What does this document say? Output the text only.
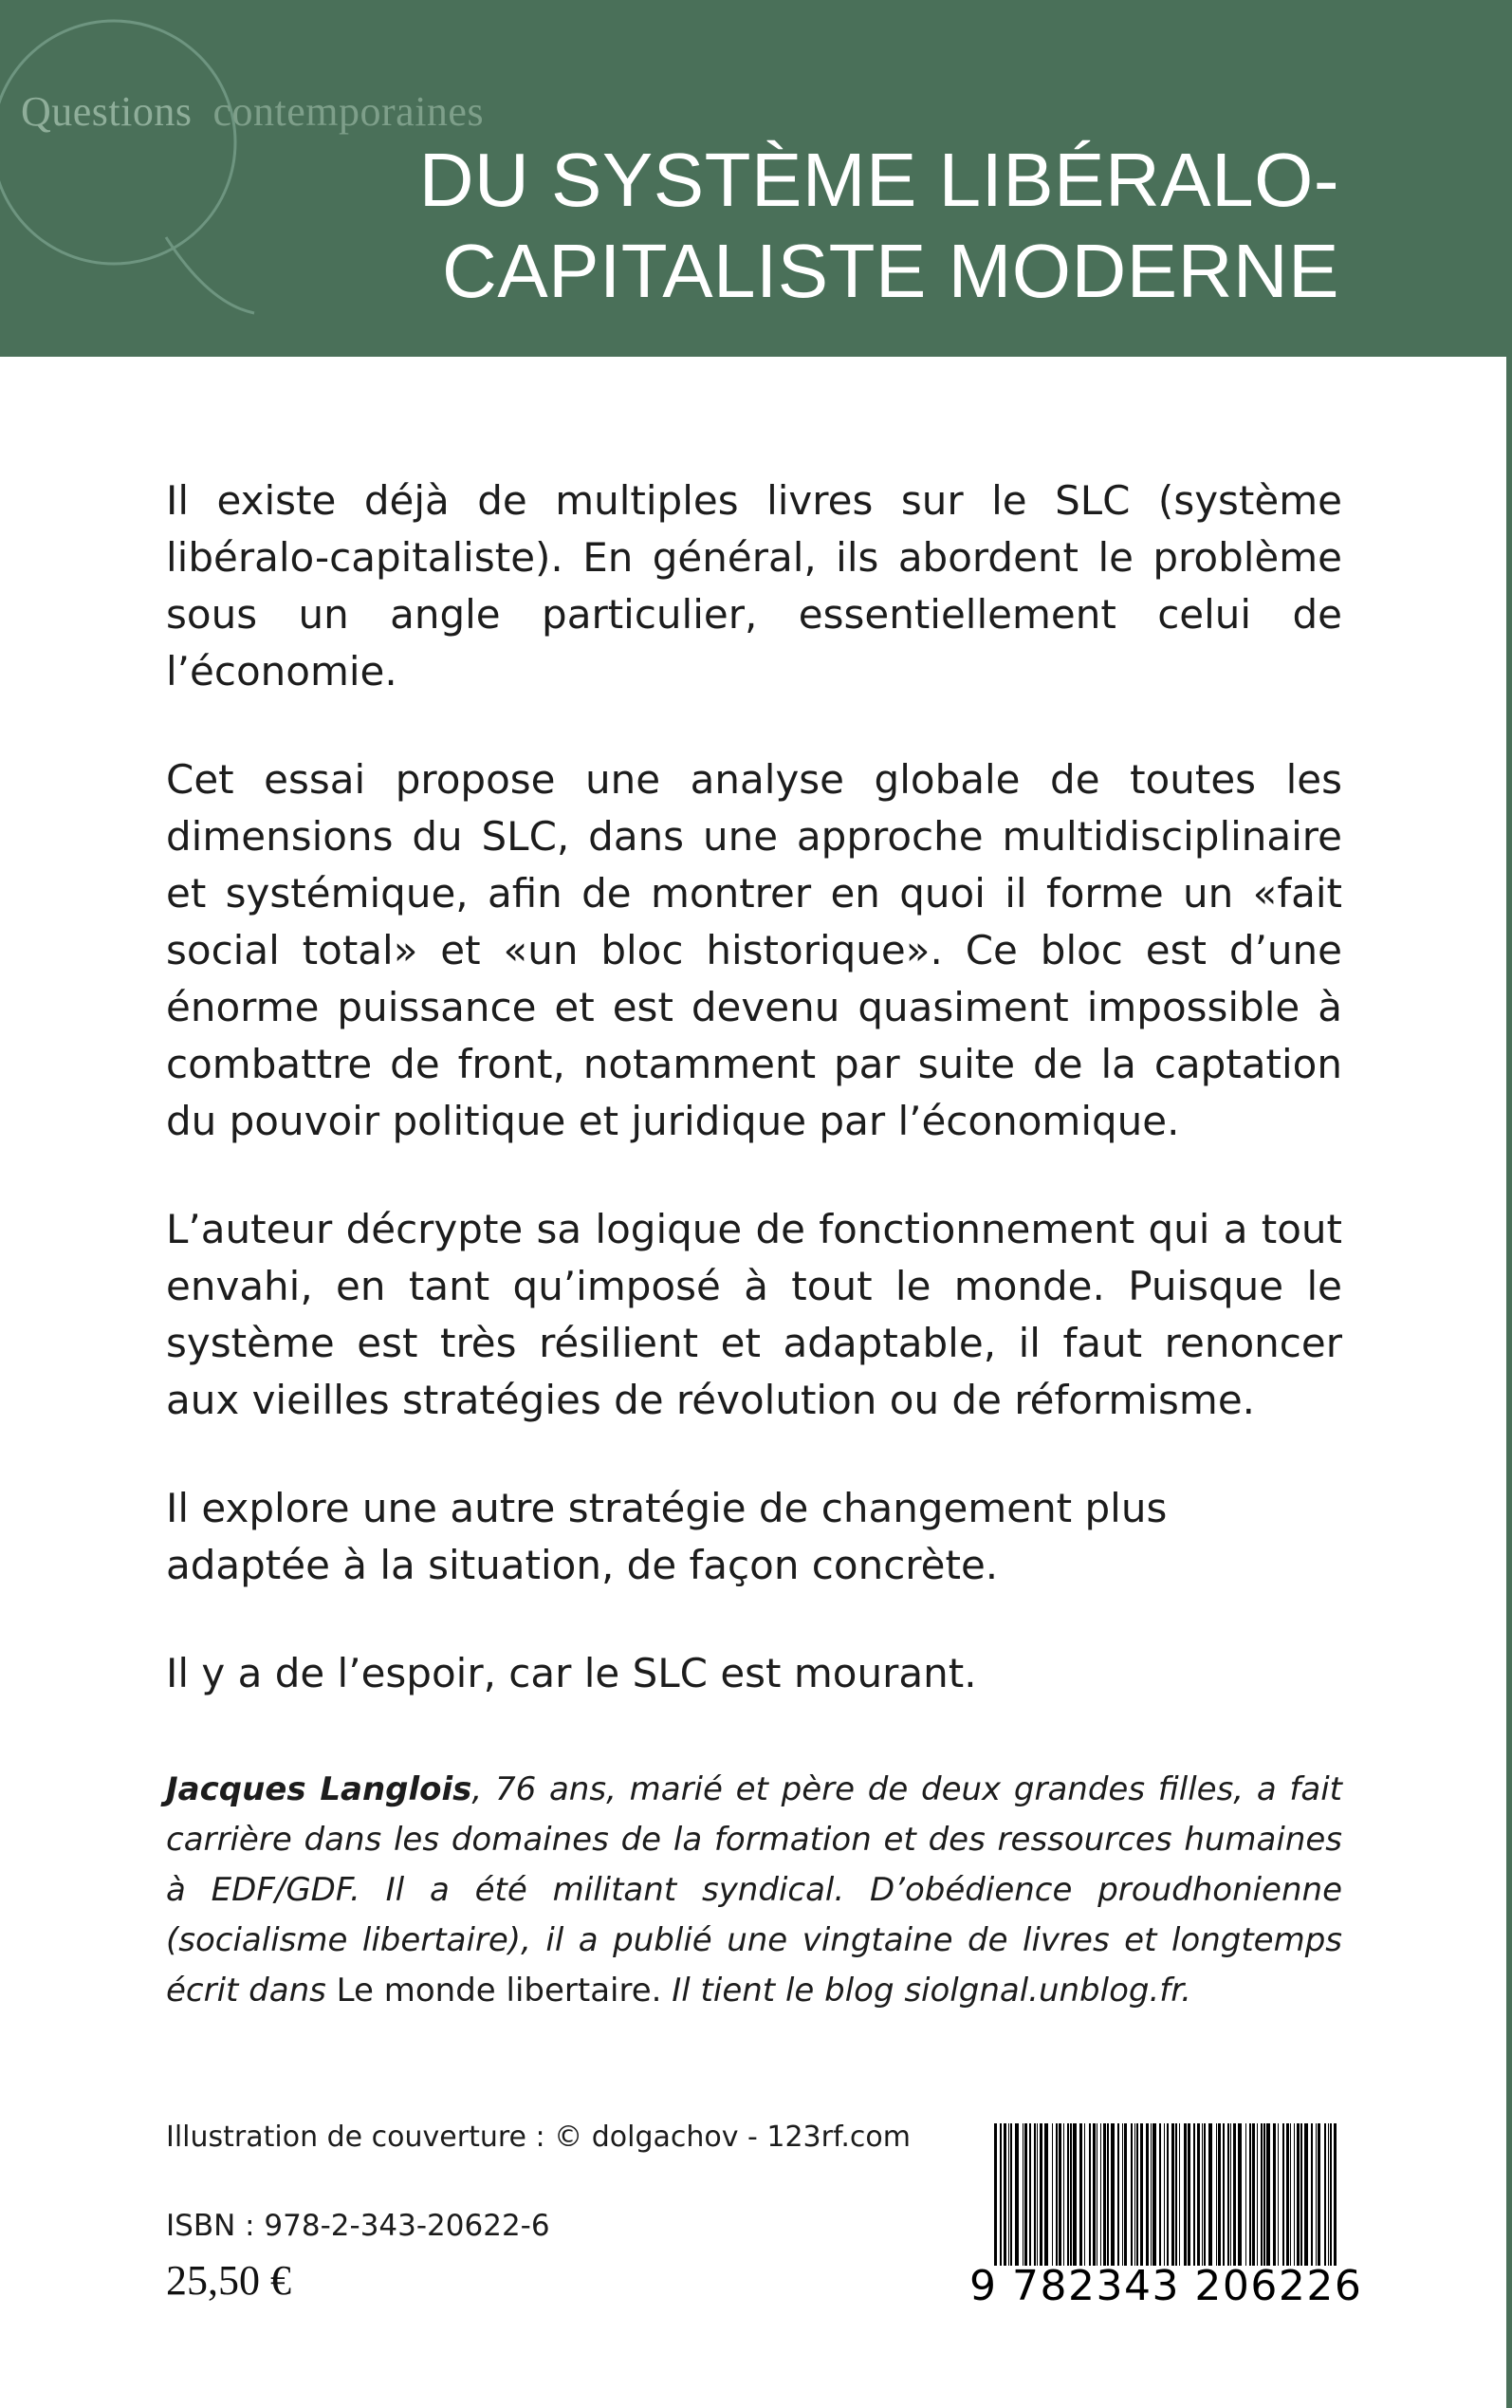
Questions contemporaines
DU SYSTÈME LIBÉRALO-
CAPITALISTE MODERNE

Il existe déjà de multiples livres sur le SLC (système libéralo-capitaliste). En général, ils abordent le problème sous un angle particulier, essentiellement celui de l’économie.

Cet essai propose une analyse globale de toutes les dimensions du SLC, dans une approche multidisciplinaire et systémique, afin de montrer en quoi il forme un «fait social total» et «un bloc historique». Ce bloc est d’une énorme puissance et est devenu quasiment impossible à combattre de front, notamment par suite de la captation du pouvoir politique et juridique par l’économique.

L’auteur décrypte sa logique de fonctionnement qui a tout envahi, en tant qu’imposé à tout le monde. Puisque le système est très résilient et adaptable, il faut renoncer aux vieilles stratégies de révolution ou de réformisme.

Il explore une autre stratégie de changement plus adaptée à la situation, de façon concrète.

Il y a de l’espoir, car le SLC est mourant.

Jacques Langlois, 76 ans, marié et père de deux grandes filles, a fait carrière dans les domaines de la formation et des ressources humaines à EDF/GDF. Il a été militant syndical. D’obédience proudhonienne (socialisme libertaire), il a publié une vingtaine de livres et longtemps écrit dans Le monde libertaire. Il tient le blog siolgnal.unblog.fr.

Illustration de couverture : © dolgachov - 123rf.com
ISBN : 978-2-343-20622-6
25,50 €	9 782343 206226
